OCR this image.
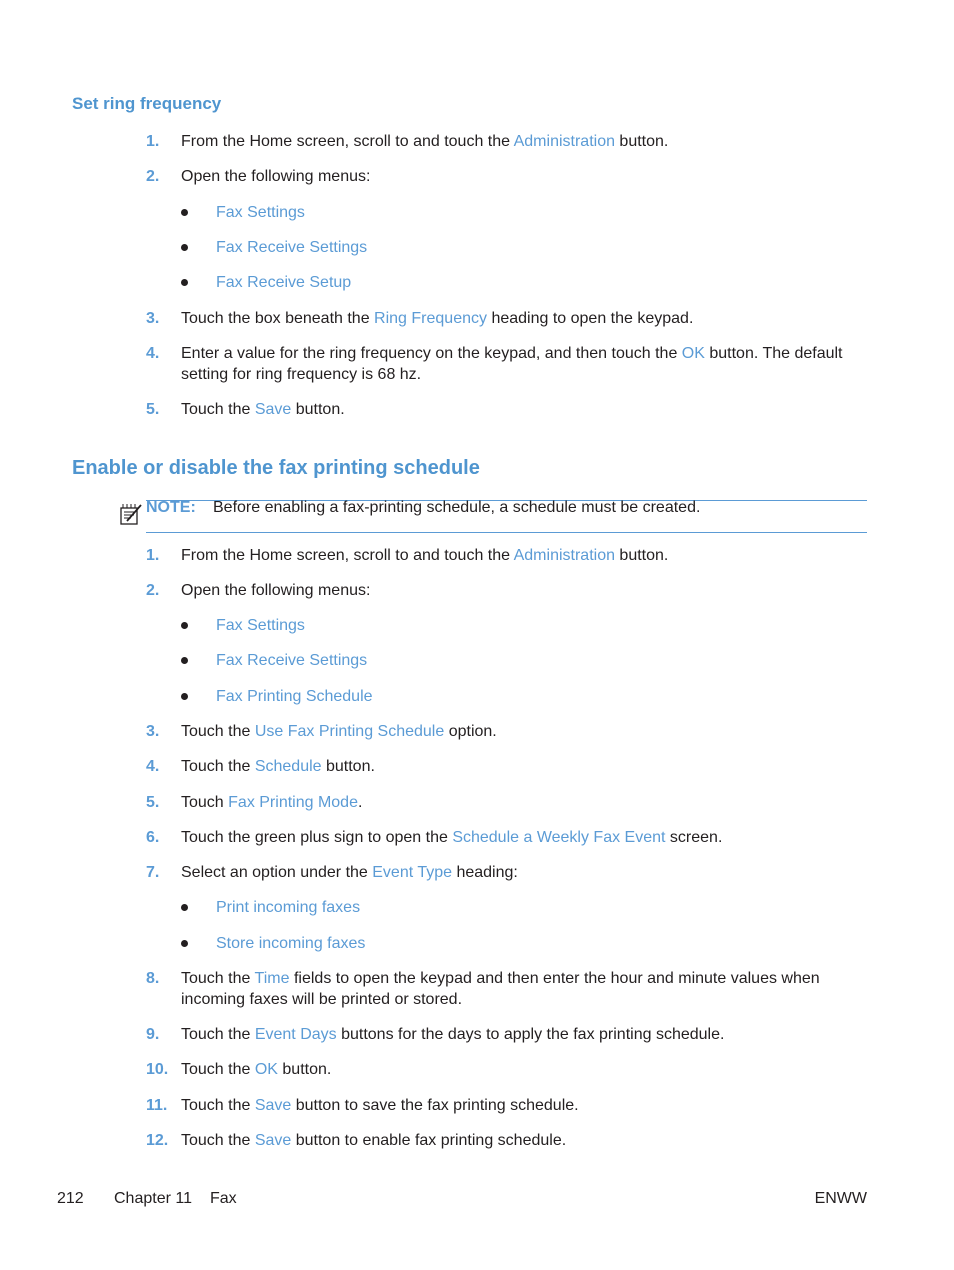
Set ring frequency
1.	From the Home screen, scroll to and touch the Administration button.
2.	Open the following menus:
Fax Settings
Fax Receive Settings
Fax Receive Setup
3.	Touch the box beneath the Ring Frequency heading to open the keypad.
4.	Enter a value for the ring frequency on the keypad, and then touch the OK button. The default
setting for ring frequency is 68 hz.
5.	Touch the Save button.
Enable or disable the fax printing schedule
NOTE: Before enabling a fax-printing schedule, a schedule must be created.
1.	From the Home screen, scroll to and touch the Administration button.
2.	Open the following menus:
Fax Settings
Fax Receive Settings
Fax Printing Schedule
3.	Touch the Use Fax Printing Schedule option.
4.	Touch the Schedule button.
5.	Touch Fax Printing Mode.
6.	Touch the green plus sign to open the Schedule a Weekly Fax Event screen.
7.	Select an option under the Event Type heading:
Print incoming faxes
Store incoming faxes
8.	Touch the Time fields to open the keypad and then enter the hour and minute values when
incoming faxes will be printed or stored.
9.	Touch the Event Days buttons for the days to apply the fax printing schedule.
10. Touch the OK button.
11. Touch the Save button to save the fax printing schedule.
12. Touch the Save button to enable fax printing schedule.
212 Chapter 11 Fax	ENWW
